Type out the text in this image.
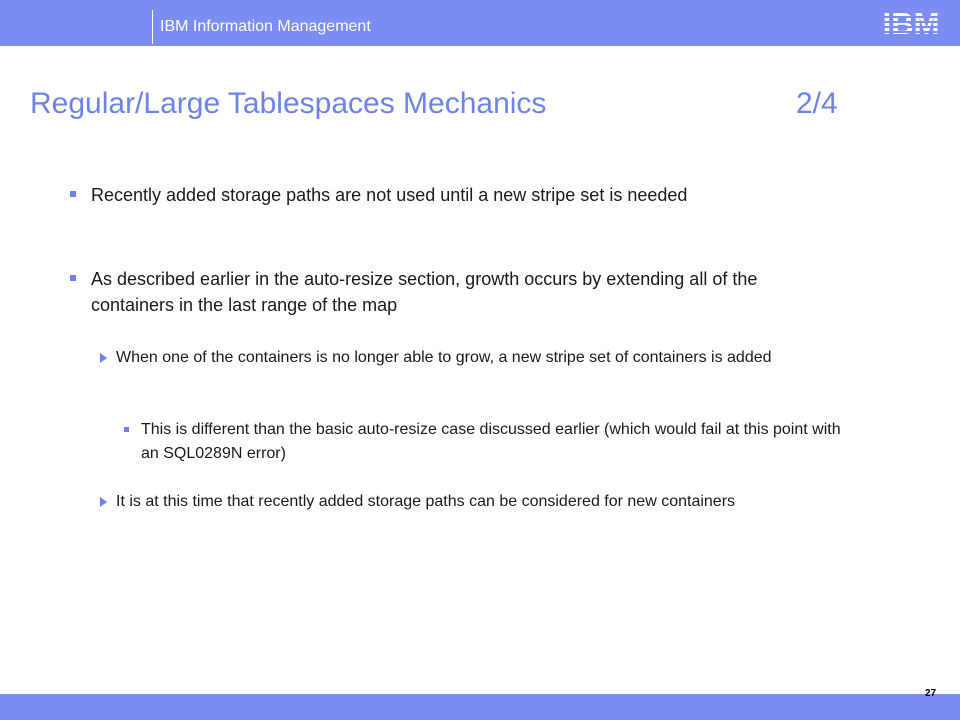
IBM Information Management
Regular/Large Tablespaces Mechanics	2/4
Recently added storage paths are not used until a new stripe set is needed
As described earlier in the auto-resize section, growth occurs by extending all of the containers in the last range of the map
When one of the containers is no longer able to grow, a new stripe set of containers is added
This is different than the basic auto-resize case discussed earlier (which would fail at this point with an SQL0289N error)
It is at this time that recently added storage paths can be considered for new containers
27
